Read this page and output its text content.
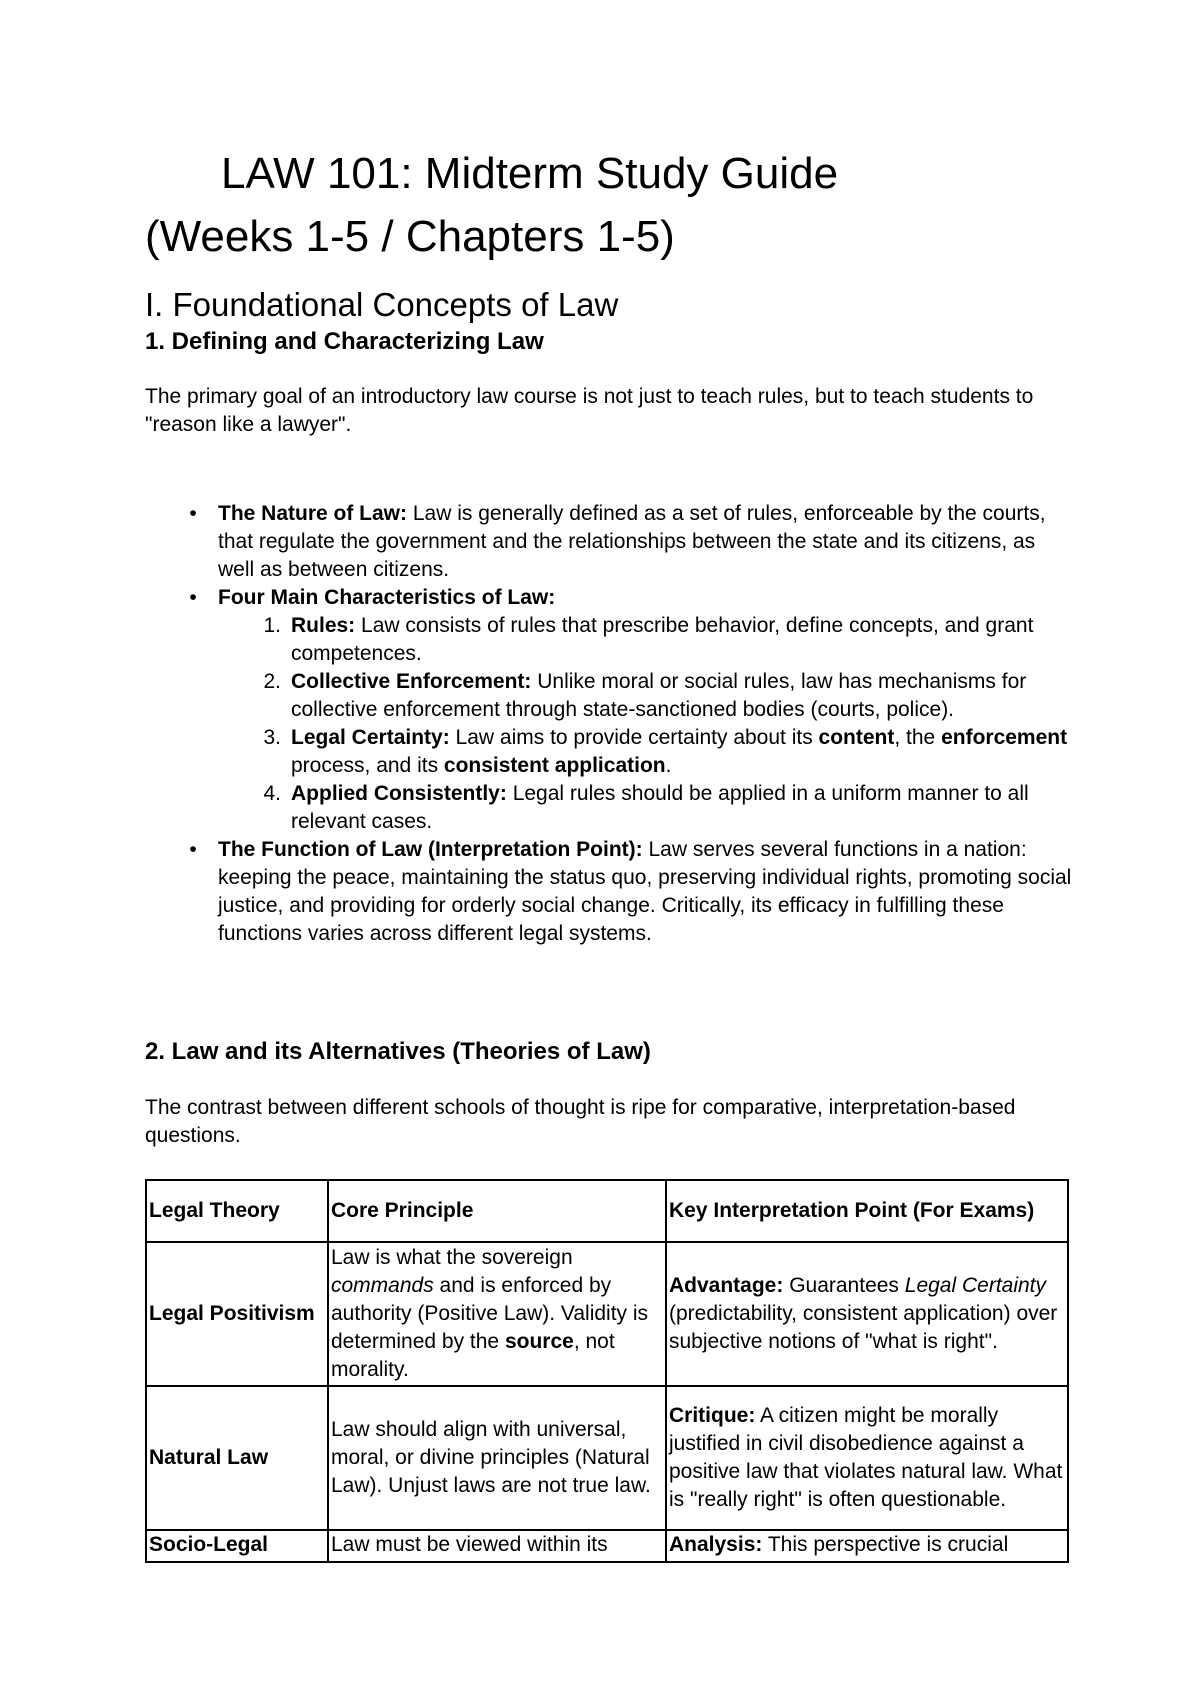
LAW 101: Midterm Study Guide
(Weeks 1-5 / Chapters 1-5)
I. Foundational Concepts of Law
1. Defining and Characterizing Law

The primary goal of an introductory law course is not just to teach rules, but to teach students to "reason like a lawyer".

• The Nature of Law: Law is generally defined as a set of rules, enforceable by the courts, that regulate the government and the relationships between the state and its citizens, as well as between citizens.
• Four Main Characteristics of Law:
1. Rules: Law consists of rules that prescribe behavior, define concepts, and grant competences.
2. Collective Enforcement: Unlike moral or social rules, law has mechanisms for collective enforcement through state-sanctioned bodies (courts, police).
3. Legal Certainty: Law aims to provide certainty about its content, the enforcement process, and its consistent application.
4. Applied Consistently: Legal rules should be applied in a uniform manner to all relevant cases.
• The Function of Law (Interpretation Point): Law serves several functions in a nation: keeping the peace, maintaining the status quo, preserving individual rights, promoting social justice, and providing for orderly social change. Critically, its efficacy in fulfilling these functions varies across different legal systems.
2. Law and its Alternatives (Theories of Law)

The contrast between different schools of thought is ripe for comparative, interpretation-based questions.

Legal Theory	Core Principle	Key Interpretation Point (For Exams)
Legal Positivism	Law is what the sovereign commands and is enforced by authority (Positive Law). Validity is determined by the source, not morality.	Advantage: Guarantees Legal Certainty (predictability, consistent application) over subjective notions of "what is right".
Natural Law	Law should align with universal, moral, or divine principles (Natural Law). Unjust laws are not true law.	Critique: A citizen might be morally justified in civil disobedience against a positive law that violates natural law. What is "really right" is often questionable.
Socio-Legal	Law must be viewed within its	Analysis: This perspective is crucial
